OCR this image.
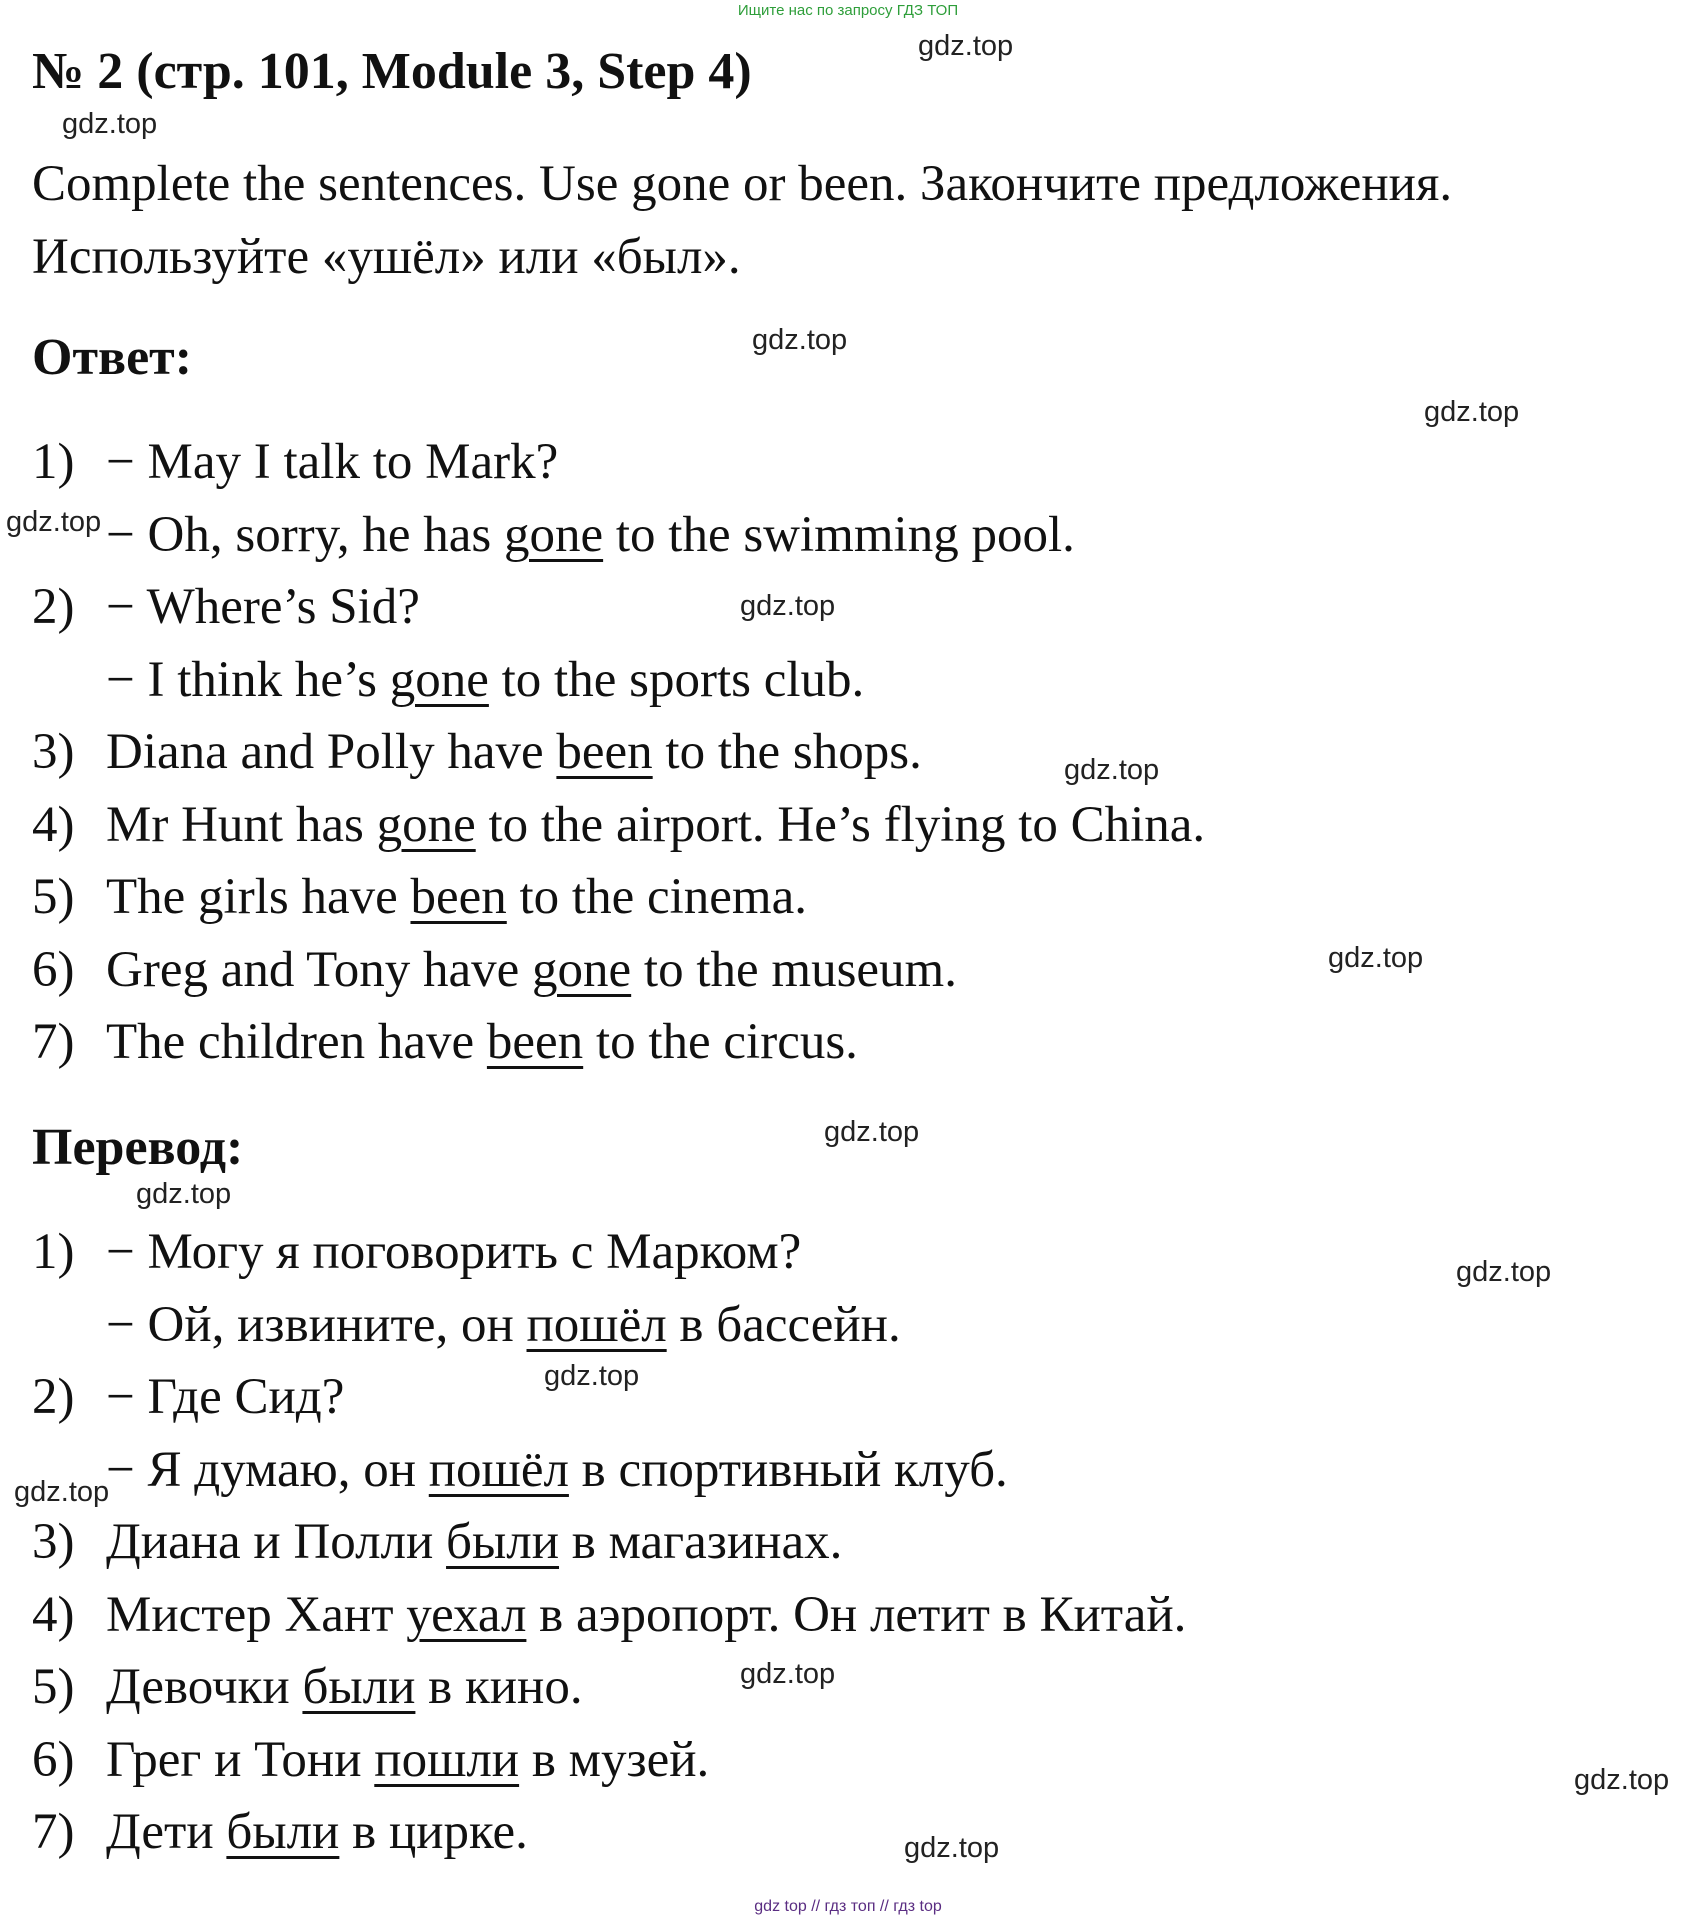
Ищите нас по запросу ГДЗ ТОП
№ 2 (стр. 101, Module 3, Step 4)
Complete the sentences. Use gone or been. Закончите предложения.
Используйте «ушёл» или «был».
Ответ:
1) − May I talk to Mark?
− Oh, sorry, he has gone to the swimming pool.
2) − Where’s Sid?
− I think he’s gone to the sports club.
3) Diana and Polly have been to the shops.
4) Mr Hunt has gone to the airport. He’s flying to China.
5) The girls have been to the cinema.
6) Greg and Tony have gone to the museum.
7) The children have been to the circus.
Перевод:
1) − Могу я поговорить с Марком?
− Ой, извините, он пошёл в бассейн.
2) − Где Сид?
− Я думаю, он пошёл в спортивный клуб.
3) Диана и Полли были в магазинах.
4) Мистер Хант уехал в аэропорт. Он летит в Китай.
5) Девочки были в кино.
6) Грег и Тони пошли в музей.
7) Дети были в цирке.
gdz.top
gdz.top
gdz.top
gdz.top
gdz.top
gdz.top
gdz.top
gdz.top
gdz.top
gdz.top
gdz.top
gdz.top
gdz.top
gdz.top
gdz.top
gdz.top
gdz top // гдз топ // гдз top
